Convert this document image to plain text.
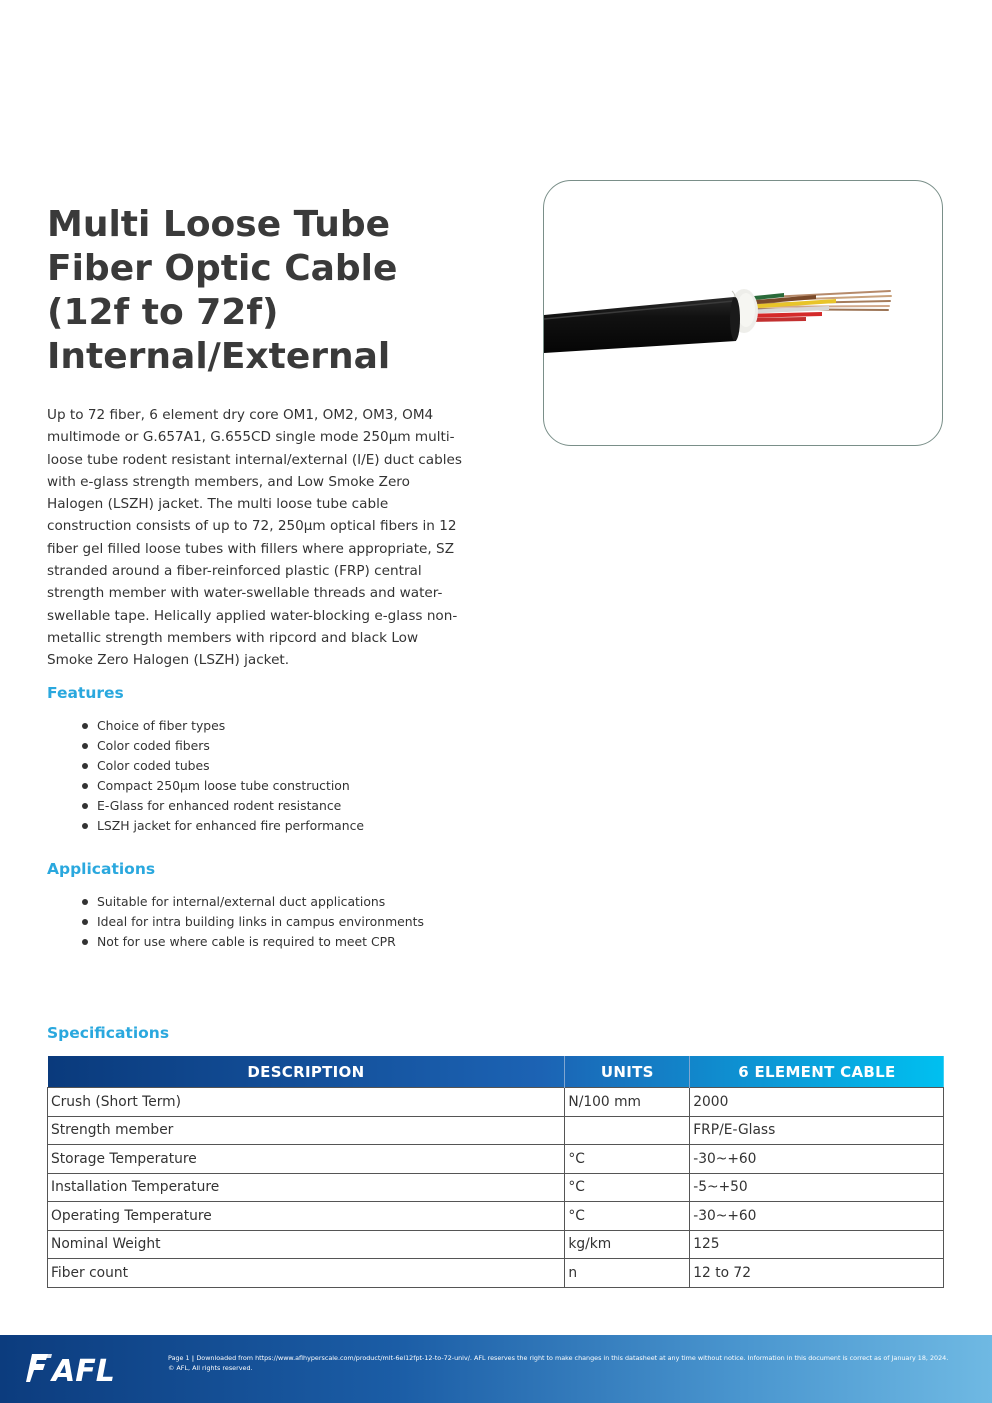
Multi Loose Tube
Fiber Optic Cable
(12f to 72f)
Internal/External

Up to 72 fiber, 6 element dry core OM1, OM2, OM3, OM4 multimode or G.657A1, G.655CD single mode 250µm multi-loose tube rodent resistant internal/external (I/E) duct cables with e-glass strength members, and Low Smoke Zero Halogen (LSZH) jacket. The multi loose tube cable construction consists of up to 72, 250µm optical fibers in 12 fiber gel filled loose tubes with fillers where appropriate, SZ stranded around a fiber-reinforced plastic (FRP) central strength member with water-swellable threads and water-swellable tape. Helically applied water-blocking e-glass non-metallic strength members with ripcord and black Low Smoke Zero Halogen (LSZH) jacket.

Features
Choice of fiber types
Color coded fibers
Color coded tubes
Compact 250µm loose tube construction
E-Glass for enhanced rodent resistance
LSZH jacket for enhanced fire performance
Applications
Suitable for internal/external duct applications
Ideal for intra building links in campus environments
Not for use where cable is required to meet CPR
Specifications
DESCRIPTION	UNITS	6 ELEMENT CABLE
Crush (Short Term)	N/100 mm	2000
Strength member		FRP/E-Glass
Storage Temperature	°C	-30~+60
Installation Temperature	°C	-5~+50
Operating Temperature	°C	-30~+60
Nominal Weight	kg/km	125
Fiber count	n	12 to 72
AFL	Page 1 | Downloaded from https://www.aflhyperscale.com/product/mlt-6el12fpt-12-to-72-univ/. AFL reserves the right to make changes in this datasheet at any time without notice. Information in this document is correct as of January 18, 2024.
© AFL, All rights reserved.
